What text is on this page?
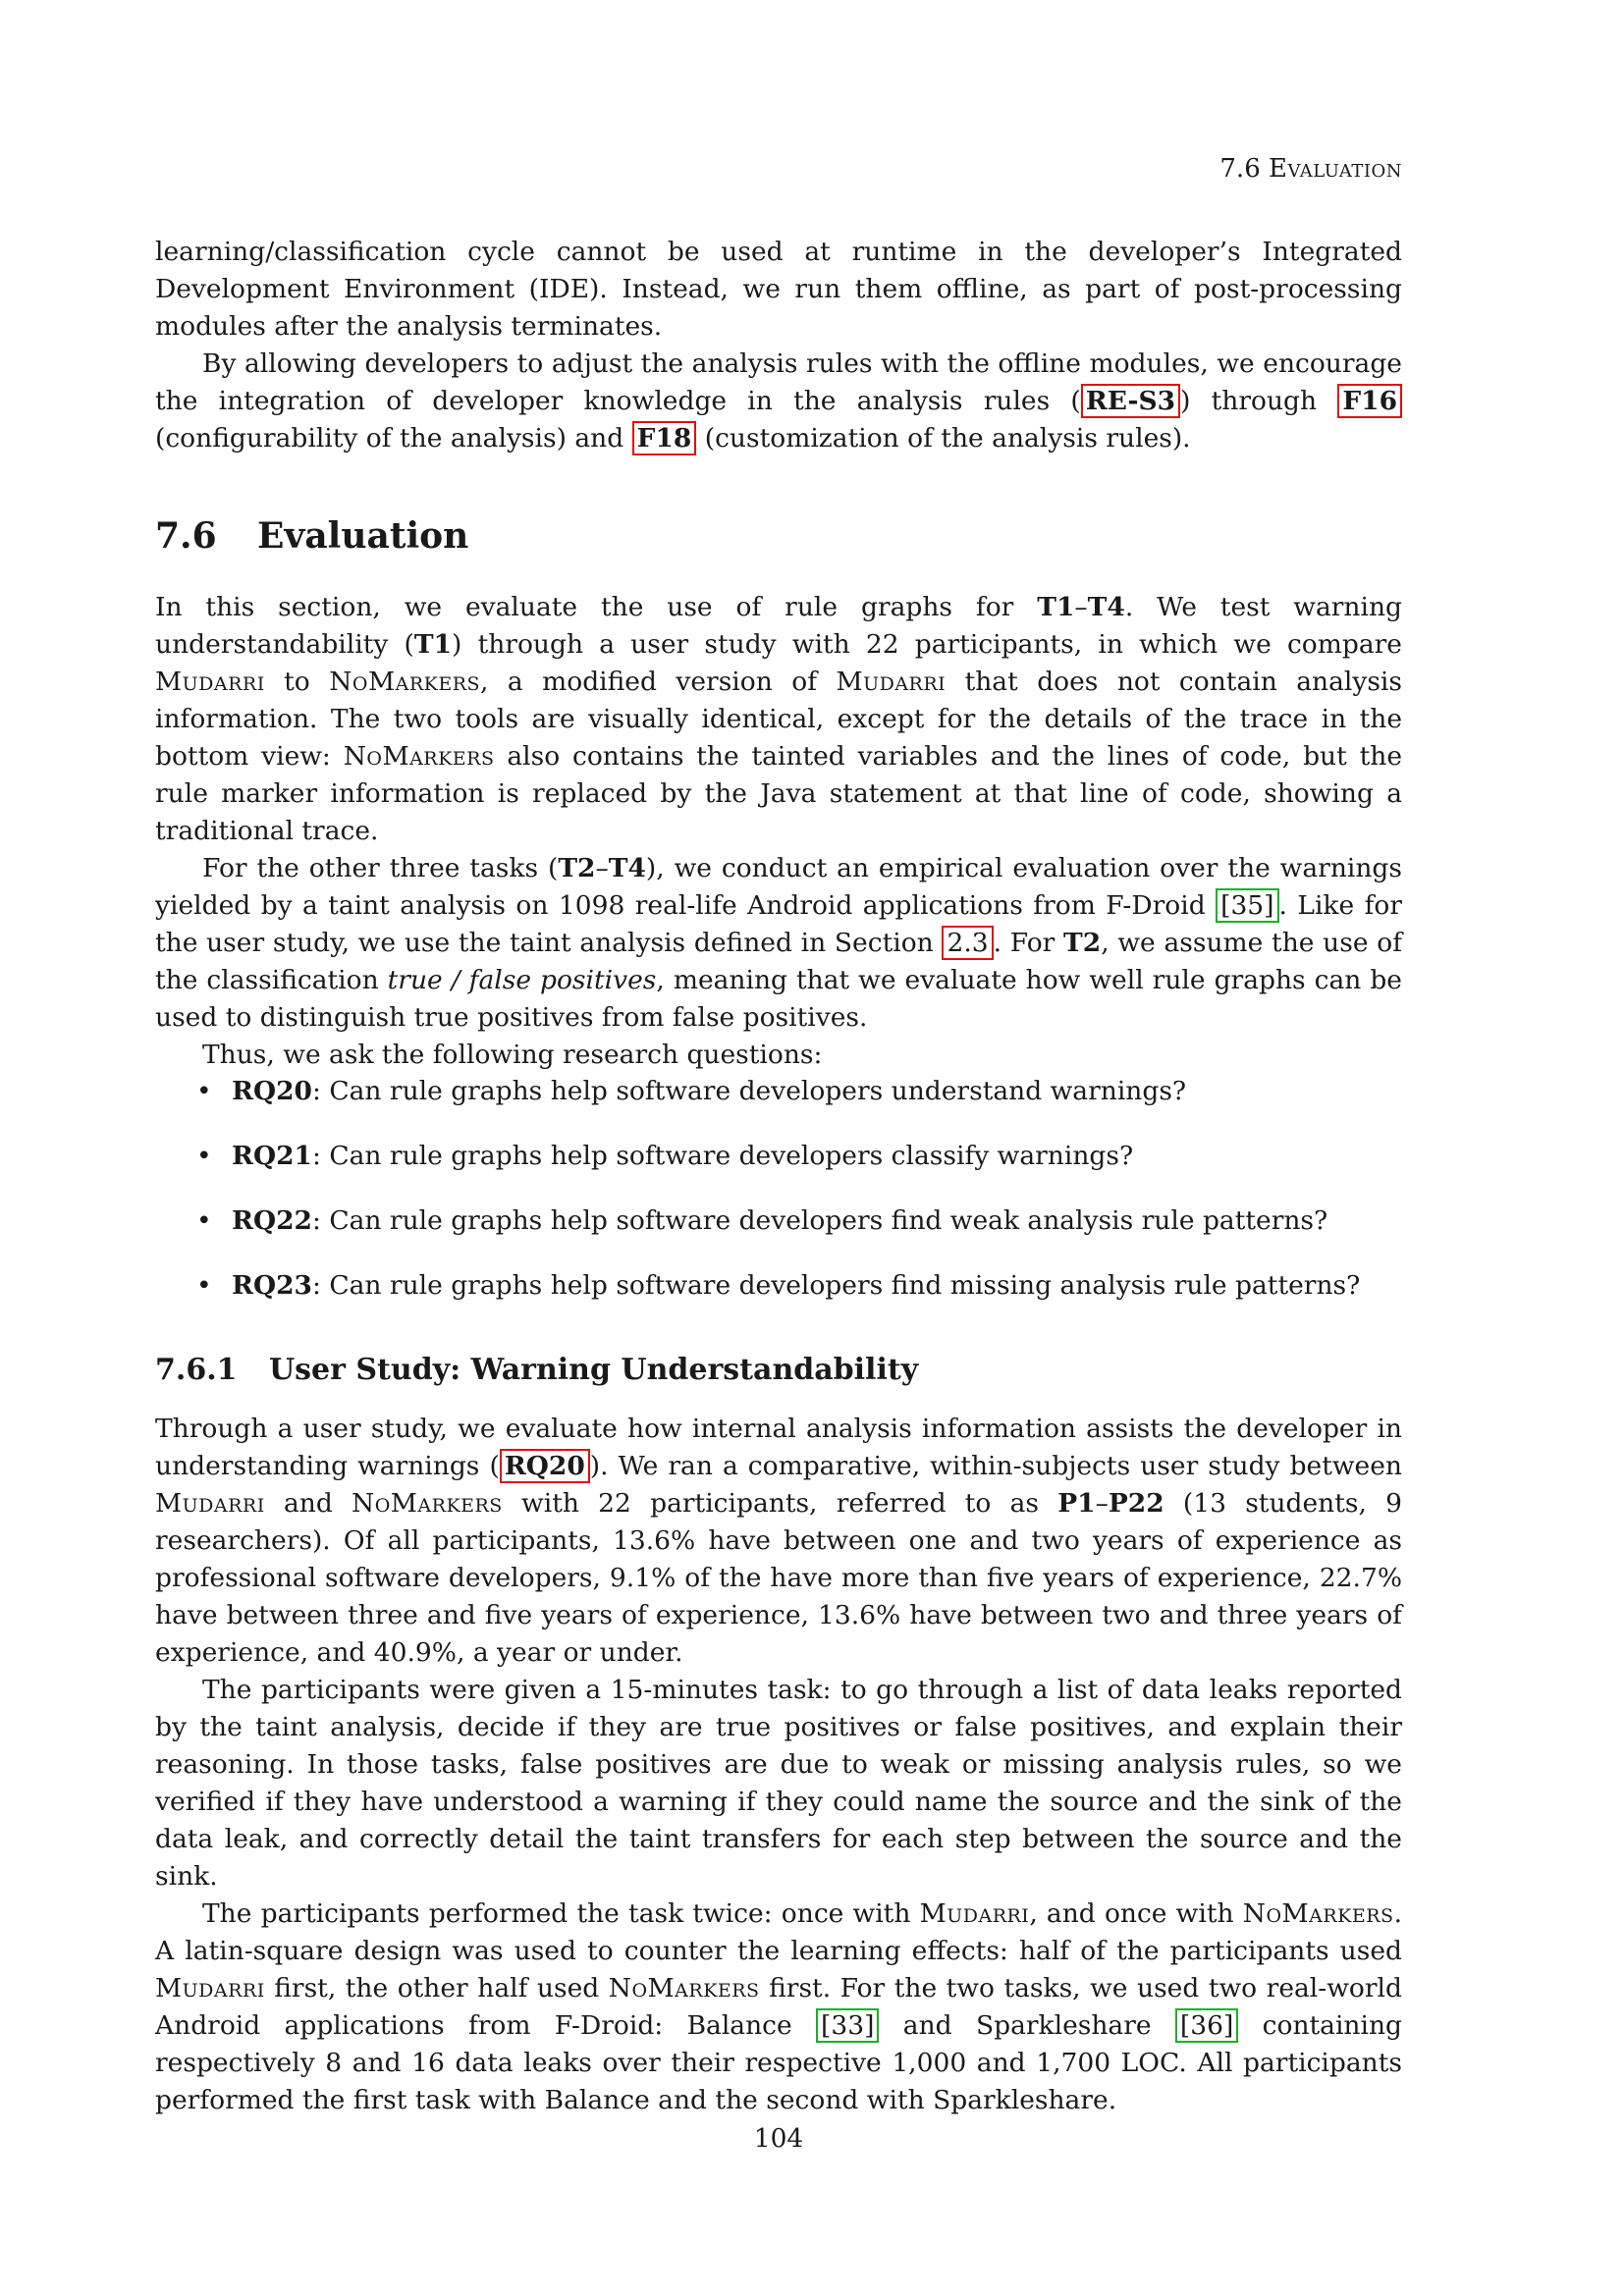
7.6 Evaluation

learning/classification cycle cannot be used at runtime in the developer’s Integrated Development Environment (IDE). Instead, we run them offline, as part of post-processing modules after the analysis terminates.

By allowing developers to adjust the analysis rules with the offline modules, we encourage the integration of developer knowledge in the analysis rules ( RE-S3 ) through F16 (configurability of the analysis) and F18 (customization of the analysis rules).

7.6 Evaluation

In this section, we evaluate the use of rule graphs for T1–T4. We test warning understandability (T1) through a user study with 22 participants, in which we compare Mudarri to NoMarkers, a modified version of Mudarri that does not contain analysis information. The two tools are visually identical, except for the details of the trace in the bottom view: NoMarkers also contains the tainted variables and the lines of code, but the rule marker information is replaced by the Java statement at that line of code, showing a traditional trace.

For the other three tasks (T2–T4), we conduct an empirical evaluation over the warnings yielded by a taint analysis on 1098 real-life Android applications from F-Droid [35] . Like for the user study, we use the taint analysis defined in Section 2.3 . For T2, we assume the use of the classification true / false positives, meaning that we evaluate how well rule graphs can be used to distinguish true positives from false positives.

Thus, we ask the following research questions:

• RQ20: Can rule graphs help software developers understand warnings?
• RQ21: Can rule graphs help software developers classify warnings?
• RQ22: Can rule graphs help software developers find weak analysis rule patterns?
• RQ23: Can rule graphs help software developers find missing analysis rule patterns?
7.6.1 User Study: Warning Understandability

Through a user study, we evaluate how internal analysis information assists the developer in understanding warnings ( RQ20 ). We ran a comparative, within-subjects user study between Mudarri and NoMarkers with 22 participants, referred to as P1–P22 (13 students, 9 researchers). Of all participants, 13.6% have between one and two years of experience as professional software developers, 9.1% of the have more than five years of experience, 22.7% have between three and five years of experience, 13.6% have between two and three years of experience, and 40.9%, a year or under.

The participants were given a 15-minutes task: to go through a list of data leaks reported by the taint analysis, decide if they are true positives or false positives, and explain their reasoning. In those tasks, false positives are due to weak or missing analysis rules, so we verified if they have understood a warning if they could name the source and the sink of the data leak, and correctly detail the taint transfers for each step between the source and the sink.

The participants performed the task twice: once with Mudarri, and once with NoMarkers. A latin-square design was used to counter the learning effects: half of the participants used Mudarri first, the other half used NoMarkers first. For the two tasks, we used two real-world Android applications from F-Droid: Balance [33] and Sparkleshare [36] containing respectively 8 and 16 data leaks over their respective 1,000 and 1,700 LOC. All participants performed the first task with Balance and the second with Sparkleshare.

104
